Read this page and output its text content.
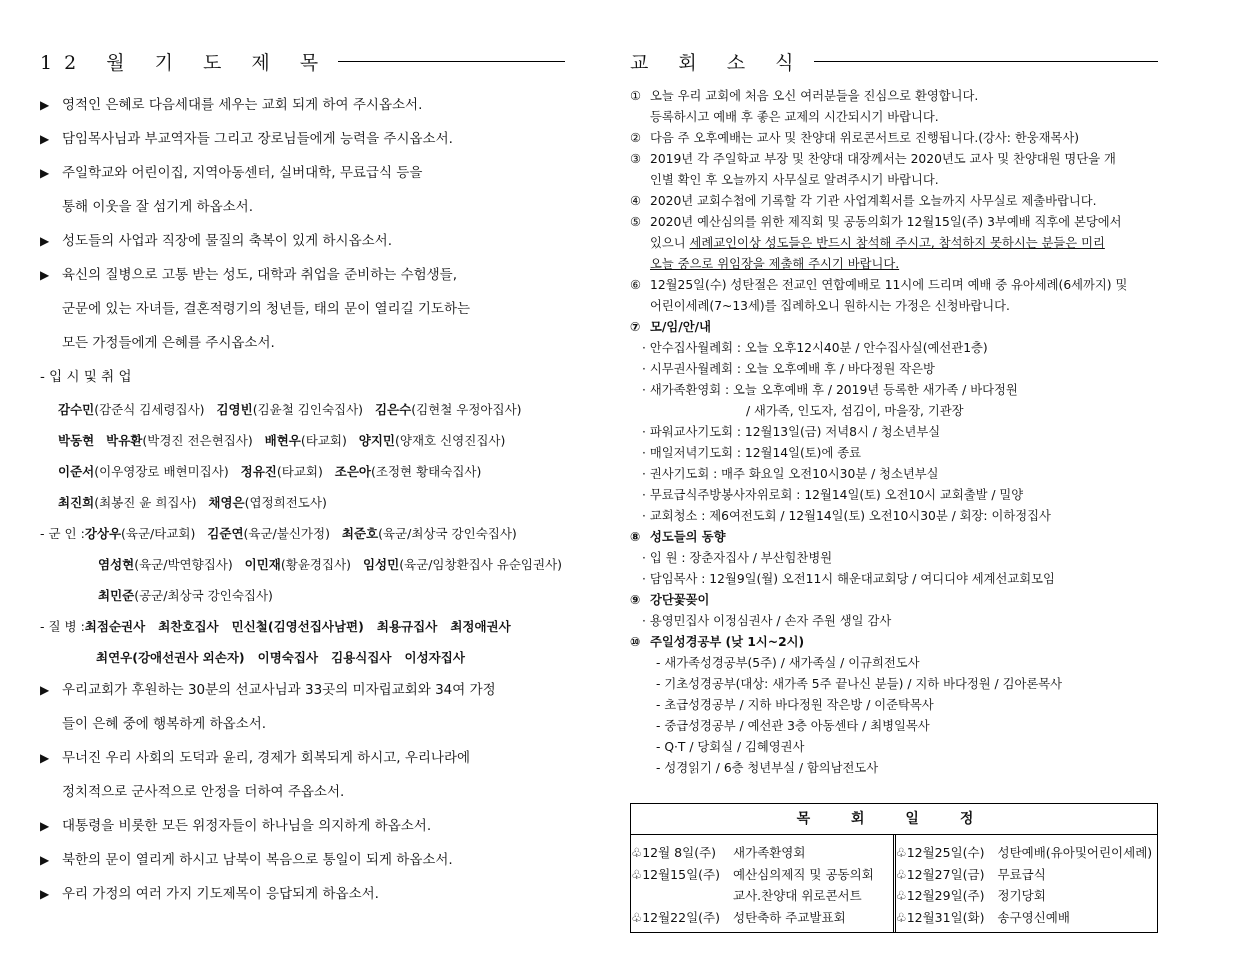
12 월 기 도 제 목
▶ 영적인 은혜로 다음세대를 세우는 교회 되게 하여 주시옵소서.
▶ 담임목사님과 부교역자들 그리고 장로님들에게 능력을 주시옵소서.
▶ 주일학교와 어린이집, 지역아동센터, 실버대학, 무료급식 등을
통해 이웃을 잘 섬기게 하옵소서.
▶ 성도들의 사업과 직장에 물질의 축복이 있게 하시옵소서.
▶ 육신의 질병으로 고통 받는 성도, 대학과 취업을 준비하는 수험생들,
군문에 있는 자녀들, 결혼적령기의 청년들, 태의 문이 열리길 기도하는
모든 가정들에게 은혜를 주시옵소서.
- 입 시 및 취 업
감수민(감준식 김세령집사) 김영빈(김윤철 김인숙집사) 김은수(김현철 우정아집사)
박동현 박유환(박경진 전은현집사) 배현우(타교회) 양지민(양재호 신영진집사)
이준서(이우영장로 배현미집사) 정유진(타교회) 조은아(조정현 황태숙집사)
최진희(최봉진 윤 희집사) 채영은(엽정희전도사)
- 군 인 : 강상우(육군/타교회) 김준연(육군/불신가정) 최준호(육군/최상국 강인숙집사)
염성현(육군/박연향집사) 이민재(황윤경집사) 임성민(육군/임창환집사 유순임권사)
최민준(공군/최상국 강인숙집사)
- 질 병 : 최점순권사   최찬호집사   민신철(김영선집사남편)   최용규집사   최정애권사
최연우(강애선권사 외손자)   이명숙집사   김용식집사   이성자집사
▶ 우리교회가 후원하는 30분의 선교사님과 33곳의 미자립교회와 34여 가정
들이 은혜 중에 행복하게 하옵소서.
▶ 무너진 우리 사회의 도덕과 윤리, 경제가 회복되게 하시고, 우리나라에
정치적으로 군사적으로 안정을 더하여 주옵소서.
▶ 대통령을 비롯한 모든 위정자들이 하나님을 의지하게 하옵소서.
▶ 북한의 문이 열리게 하시고 남북이 복음으로 통일이 되게 하옵소서.
▶ 우리 가정의 여러 가지 기도제목이 응답되게 하옵소서.
교 회 소 식
① 오늘 우리 교회에 처음 오신 여러분들을 진심으로 환영합니다.
등록하시고 예배 후 좋은 교제의 시간되시기 바랍니다.
② 다음 주 오후예배는 교사 및 찬양대 위로콘서트로 진행됩니다.(강사: 한웅재목사)
③ 2019년 각 주일학교 부장 및 찬양대 대장께서는 2020년도 교사 및 찬양대원 명단을 개
인별 확인 후 오늘까지 사무실로 알려주시기 바랍니다.
④ 2020년 교회수첩에 기록할 각 기관 사업계획서를 오늘까지 사무실로 제출바랍니다.
⑤ 2020년 예산심의를 위한 제직회 및 공동의회가 12월15일(주) 3부예배 직후에 본당에서
있으니 세례교인이상 성도들은 반드시 참석해 주시고, 참석하지 못하시는 분들은 미리
오늘 중으로 위임장을 제출해 주시기 바랍니다.
⑥ 12월25일(수) 성탄절은 전교인 연합예배로 11시에 드리며 예배 중 유아세례(6세까지) 및
어린이세례(7~13세)를 집례하오니 원하시는 가정은 신청바랍니다.
⑦ 모/임/안/내
· 안수집사월례회 : 오늘 오후12시40분 / 안수집사실(예선관1층)
· 시무권사월례회 : 오늘 오후예배 후 / 바다정원 작은방
· 새가족환영회 : 오늘 오후예배 후 / 2019년 등록한 새가족 / 바다정원
/ 새가족, 인도자, 섬김이, 마을장, 기관장
· 파워교사기도회 : 12월13일(금) 저녁8시 / 청소년부실
· 매일저녁기도회 : 12월14일(토)에 종료
· 권사기도회 : 매주 화요일 오전10시30분 / 청소년부실
· 무료급식주방봉사자위로회 : 12월14일(토) 오전10시 교회출발 / 밀양
· 교회청소 : 제6여전도회 / 12월14일(토) 오전10시30분 / 회장: 이하정집사
⑧ 성도들의 동향
· 입 원 : 장춘자집사 / 부산힘찬병원
· 담임목사 : 12월9일(월) 오전11시 해운대교회당 / 여디디야 세계선교회모임
⑨ 강단꽃꽂이
· 용영민집사 이정심권사 / 손자 주원 생일 감사
⑩ 주일성경공부 (낮 1시~2시)
- 새가족성경공부(5주) / 새가족실 / 이규희전도사
- 기초성경공부(대상: 새가족 5주 끝나신 분들) / 지하 바다정원 / 김아론목사
- 초급성경공부 / 지하 바다정원 작은방 / 이준탁목사
- 중급성경공부 / 예선관 3층 아동센타 / 최병일목사
- Q·T / 당회실 / 김혜영권사
- 성경읽기 / 6층 청년부실 / 함의남전도사
목 회 일 정
♧12월 8일(주)	새가족환영회
♧12월15일(주)	예산심의제직 및 공동의회
교사.찬양대 위로콘서트
♧12월22일(주)	성탄축하 주교발표회
♧12월25일(수)	성탄예배(유아및어린이세례)
♧12월27일(금)	무료급식
♧12월29일(주)	정기당회
♧12월31일(화)	송구영신예배
